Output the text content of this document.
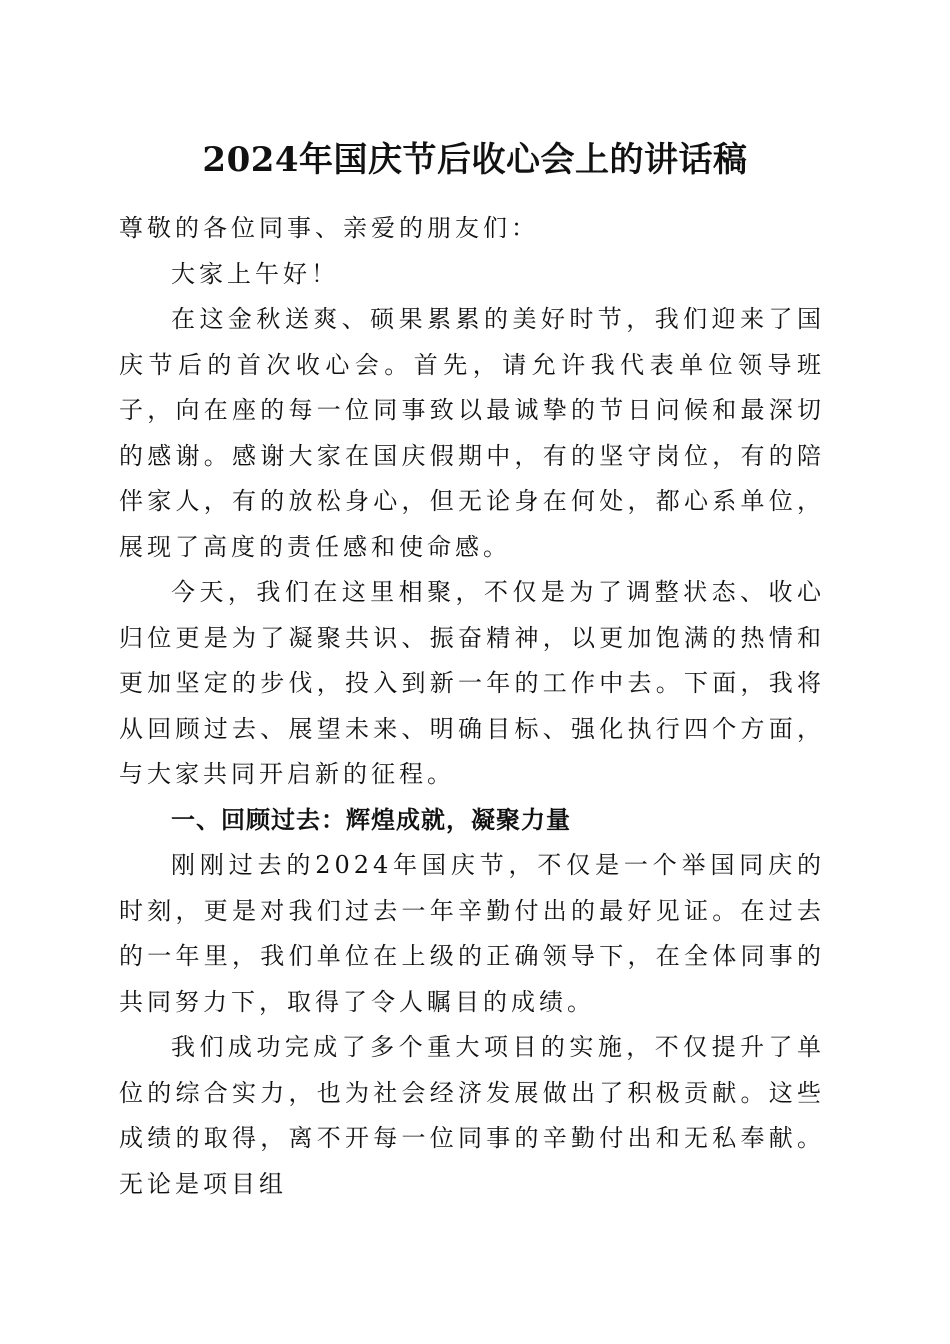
2024年国庆节后收心会上的讲话稿

尊敬的各位同事、亲爱的朋友们：

大家上午好！

在这金秋送爽、硕果累累的美好时节，我们迎来了国庆节后的首次收心会。首先，请允许我代表单位领导班子，向在座的每一位同事致以最诚挚的节日问候和最深切的感谢。感谢大家在国庆假期中，有的坚守岗位，有的陪伴家人，有的放松身心，但无论身在何处，都心系单位，展现了高度的责任感和使命感。

今天，我们在这里相聚，不仅是为了调整状态、收心归位更是为了凝聚共识、振奋精神，以更加饱满的热情和更加坚定的步伐，投入到新一年的工作中去。下面，我将从回顾过去、展望未来、明确目标、强化执行四个方面，与大家共同开启新的征程。

一、回顾过去：辉煌成就，凝聚力量

刚刚过去的2024年国庆节，不仅是一个举国同庆的时刻，更是对我们过去一年辛勤付出的最好见证。在过去的一年里，我们单位在上级的正确领导下，在全体同事的共同努力下，取得了令人瞩目的成绩。

我们成功完成了多个重大项目的实施，不仅提升了单位的综合实力，也为社会经济发展做出了积极贡献。这些成绩的取得，离不开每一位同事的辛勤付出和无私奉献。无论是项目组
